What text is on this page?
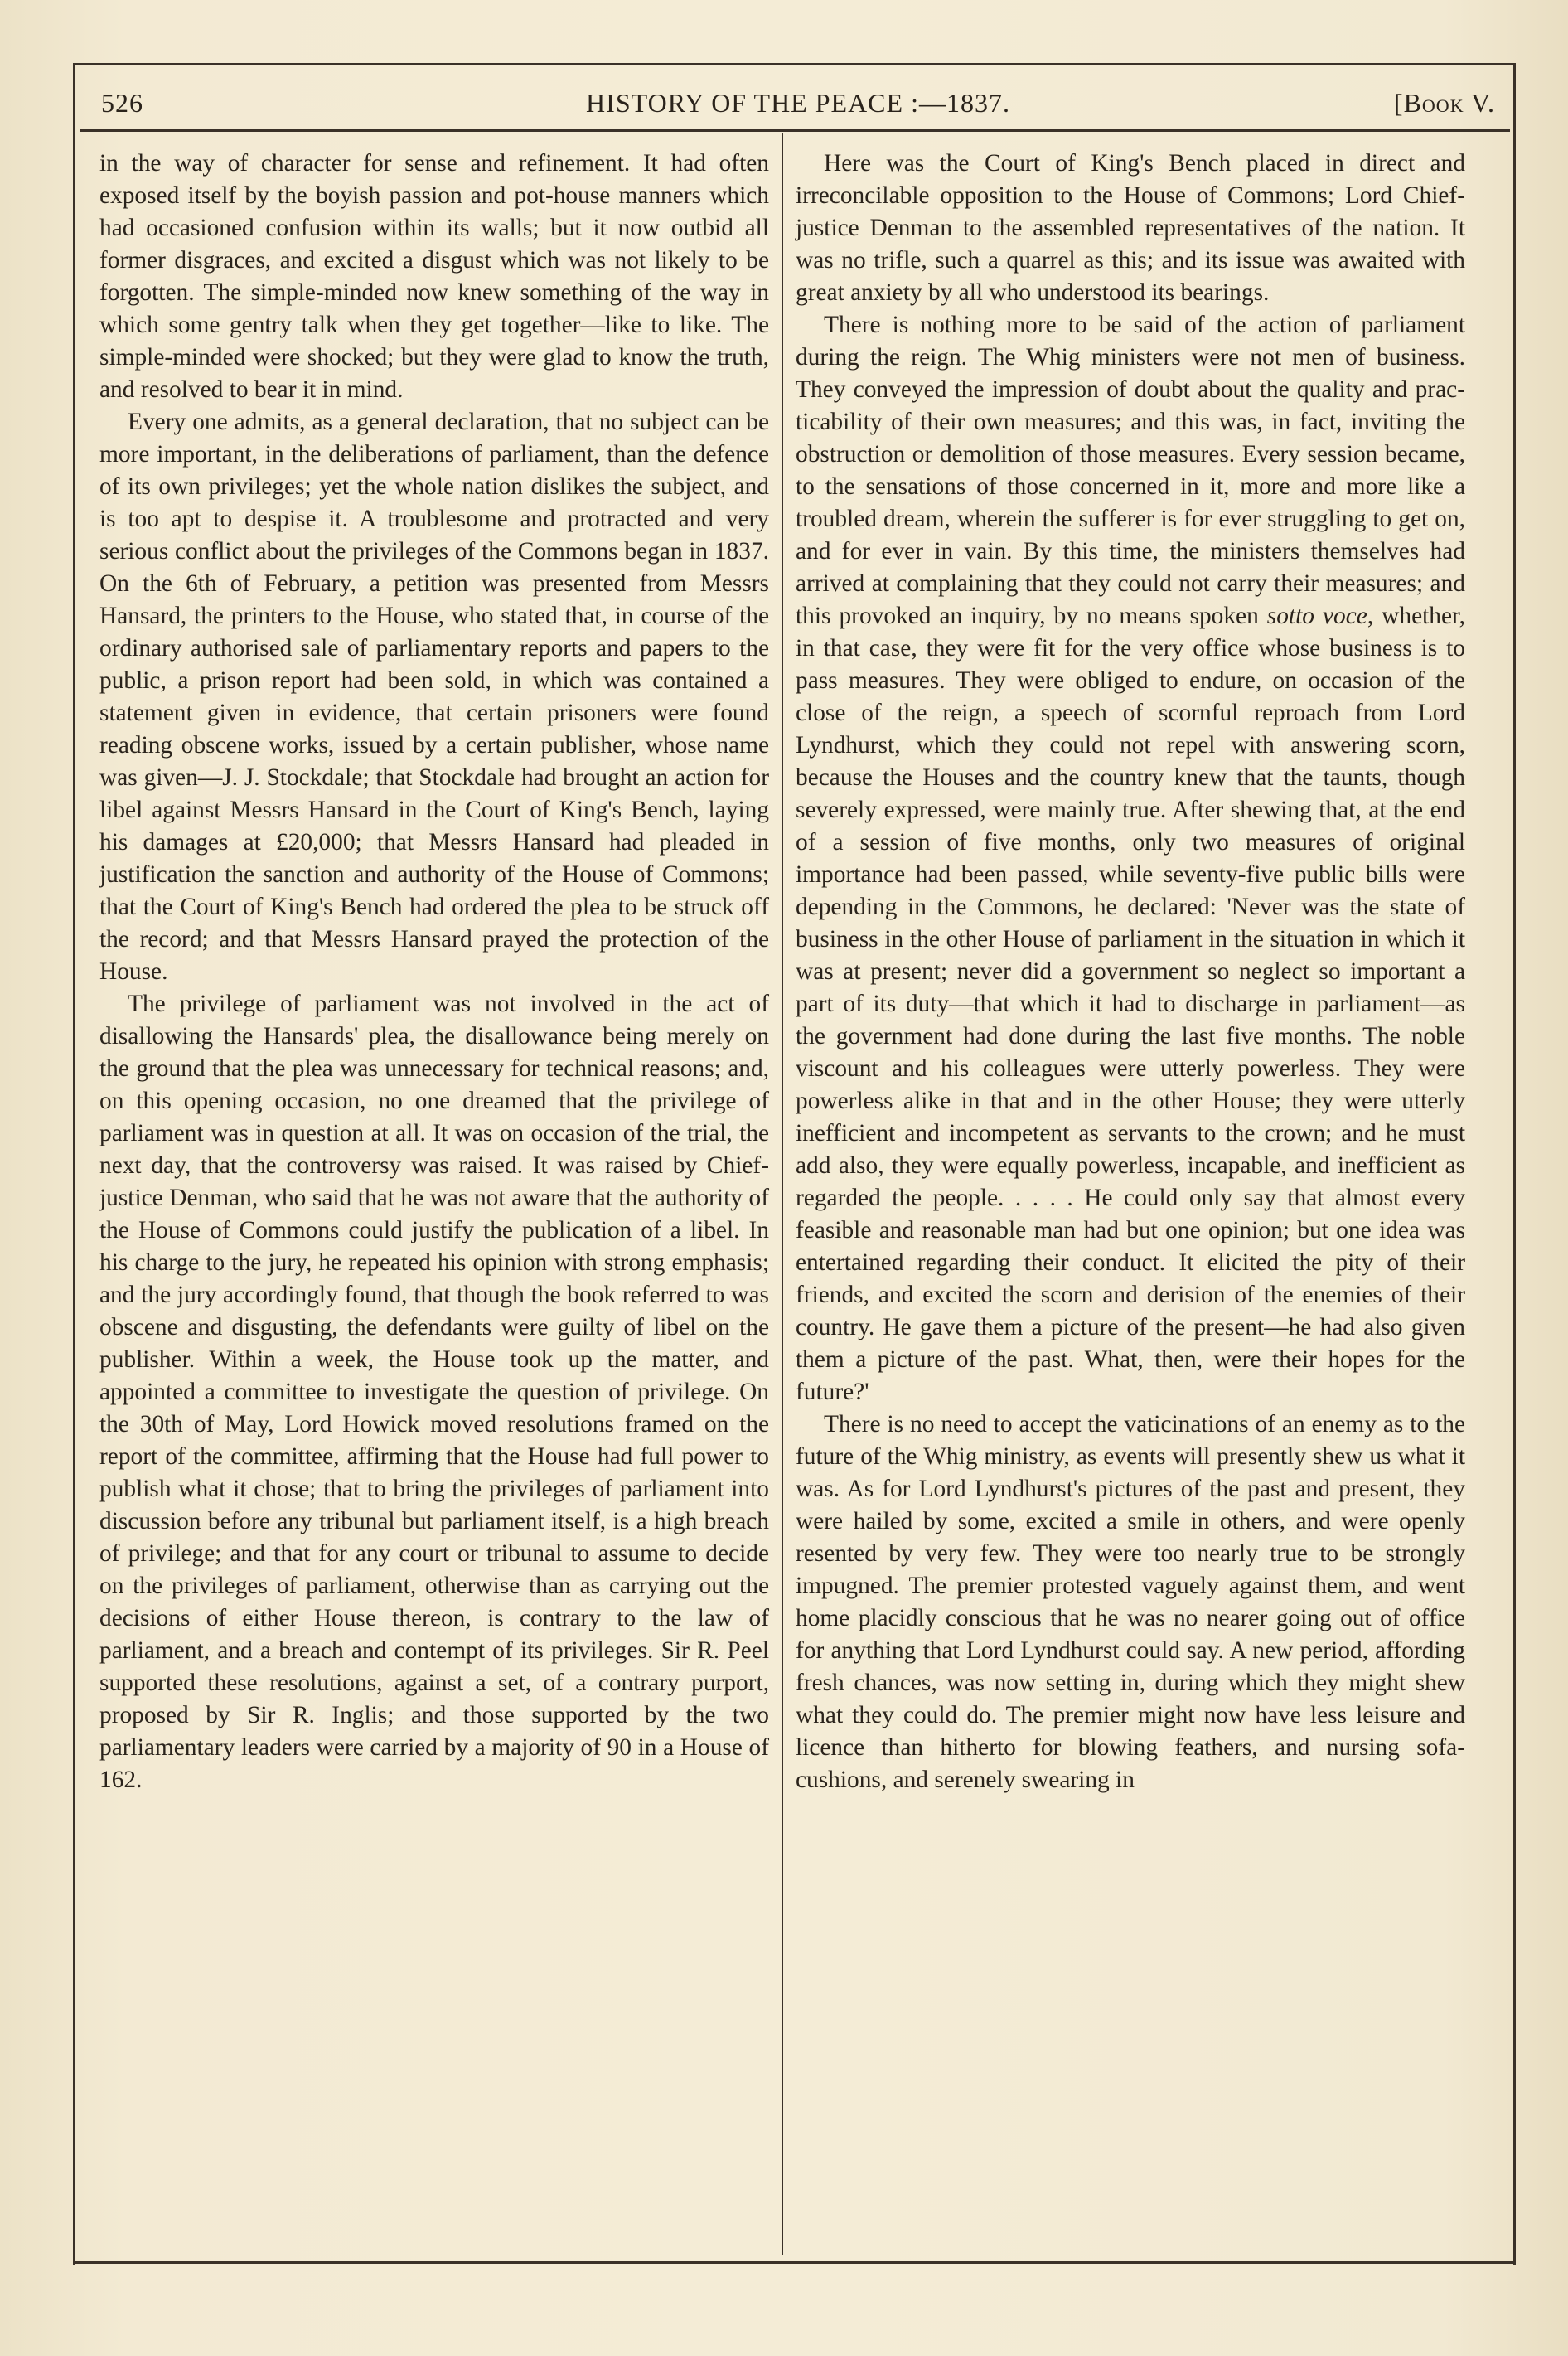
526	HISTORY OF THE PEACE :—1837.	[Book V.

in the way of character for sense and refinement. It had often exposed itself by the boyish passion and pot-house manners which had occasioned confusion within its walls; but it now outbid all former disgraces, and excited a disgust which was not likely to be forgotten. The simple-minded now knew something of the way in which some gentry talk when they get together—like to like. The simple-minded were shocked; but they were glad to know the truth, and resolved to bear it in mind.

Every one admits, as a general declaration, that no subject can be more important, in the deliberations of parliament, than the defence of its own privileges; yet the whole nation dislikes the subject, and is too apt to despise it. A troublesome and protracted and very serious conflict about the privileges of the Commons began in 1837. On the 6th of February, a petition was presented from Messrs Hansard, the printers to the House, who stated that, in course of the ordinary authorised sale of parliamentary reports and papers to the public, a prison report had been sold, in which was contained a statement given in evidence, that certain prisoners were found reading obscene works, issued by a certain publisher, whose name was given—J. J. Stockdale; that Stockdale had brought an action for libel against Messrs Hansard in the Court of King's Bench, laying his damages at £20,000; that Messrs Hansard had pleaded in justification the sanction and authority of the House of Commons; that the Court of King's Bench had ordered the plea to be struck off the record; and that Messrs Hansard prayed the protection of the House.

The privilege of parliament was not involved in the act of disallowing the Hansards' plea, the disallowance being merely on the ground that the plea was unnecessary for technical reasons; and, on this opening occasion, no one dreamed that the privilege of parliament was in question at all. It was on occasion of the trial, the next day, that the controversy was raised. It was raised by Chief-justice Denman, who said that he was not aware that the authority of the House of Commons could justify the publication of a libel. In his charge to the jury, he repeated his opinion with strong emphasis; and the jury accordingly found, that though the book referred to was obscene and disgusting, the defendants were guilty of libel on the publisher. Within a week, the House took up the matter, and appointed a committee to investigate the question of privilege. On the 30th of May, Lord Howick moved resolutions framed on the report of the committee, affirming that the House had full power to publish what it chose; that to bring the privileges of parliament into discussion before any tribunal but parliament itself, is a high breach of privilege; and that for any court or tribunal to assume to decide on the privileges of parliament, otherwise than as carrying out the decisions of either House thereon, is contrary to the law of parliament, and a breach and contempt of its privileges. Sir R. Peel supported these resolutions, against a set, of a contrary purport, proposed by Sir R. Inglis; and those supported by the two parliamentary leaders were carried by a majority of 90 in a House of 162.

Here was the Court of King's Bench placed in direct and irreconcilable opposition to the House of Commons; Lord Chief-justice Denman to the assembled representatives of the nation. It was no trifle, such a quarrel as this; and its issue was awaited with great anxiety by all who understood its bearings.

There is nothing more to be said of the action of parliament during the reign. The Whig ministers were not men of business. They conveyed the impression of doubt about the quality and practicability of their own measures; and this was, in fact, inviting the obstruction or demolition of those measures. Every session became, to the sensations of those concerned in it, more and more like a troubled dream, wherein the sufferer is for ever struggling to get on, and for ever in vain. By this time, the ministers themselves had arrived at complaining that they could not carry their measures; and this provoked an inquiry, by no means spoken sotto voce, whether, in that case, they were fit for the very office whose business is to pass measures. They were obliged to endure, on occasion of the close of the reign, a speech of scornful reproach from Lord Lyndhurst, which they could not repel with answering scorn, because the Houses and the country knew that the taunts, though severely expressed, were mainly true. After shewing that, at the end of a session of five months, only two measures of original importance had been passed, while seventy-five public bills were depending in the Commons, he declared: 'Never was the state of business in the other House of parliament in the situation in which it was at present; never did a government so neglect so important a part of its duty—that which it had to discharge in parliament—as the government had done during the last five months. The noble viscount and his colleagues were utterly powerless. They were powerless alike in that and in the other House; they were utterly inefficient and incompetent as servants to the crown; and he must add also, they were equally powerless, incapable, and inefficient as regarded the people. . . . . He could only say that almost every feasible and reasonable man had but one opinion; but one idea was entertained regarding their conduct. It elicited the pity of their friends, and excited the scorn and derision of the enemies of their country. He gave them a picture of the present—he had also given them a picture of the past. What, then, were their hopes for the future?'

There is no need to accept the vaticinations of an enemy as to the future of the Whig ministry, as events will presently shew us what it was. As for Lord Lyndhurst's pictures of the past and present, they were hailed by some, excited a smile in others, and were openly resented by very few. They were too nearly true to be strongly impugned. The premier protested vaguely against them, and went home placidly conscious that he was no nearer going out of office for anything that Lord Lyndhurst could say. A new period, affording fresh chances, was now setting in, during which they might shew what they could do. The premier might now have less leisure and licence than hitherto for blowing feathers, and nursing sofa-cushions, and serenely swearing in
